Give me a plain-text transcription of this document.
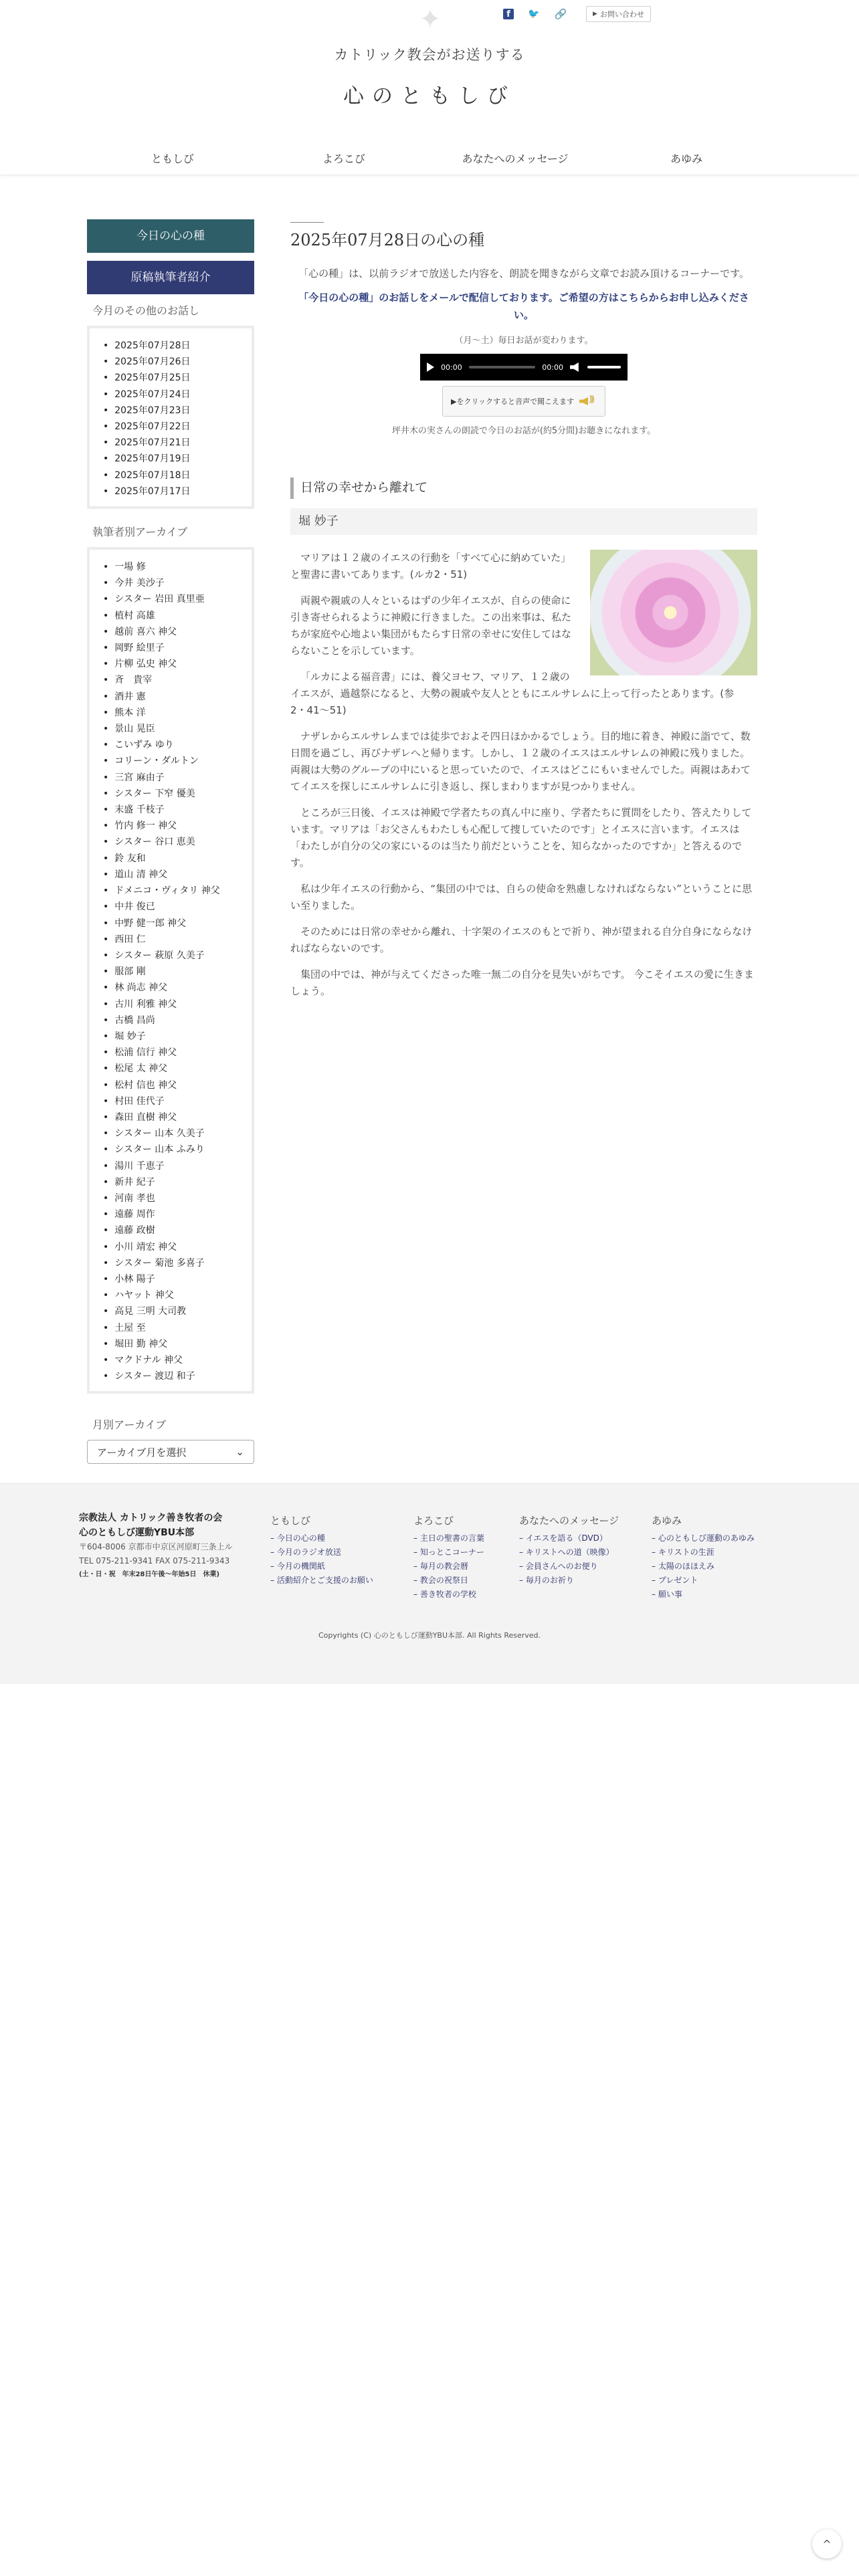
✦	f	🐦 🔗	▶ お問い合わせ
カトリック教会がお送りする
心のともしび
ともしび	よろこび	あなたへのメッセージ	あゆみ
今日の心の種
原稿執筆者紹介
今月のその他のお話し
• 2025年07月28日
• 2025年07月26日
• 2025年07月25日
• 2025年07月24日
• 2025年07月23日
• 2025年07月22日
• 2025年07月21日
• 2025年07月19日
• 2025年07月18日
• 2025年07月17日
執筆者別アーカイブ
• 一場 修
• 今井 美沙子
• シスター 岩田 真里亜
• 植村 高雄
• 越前 喜六 神父
• 岡野 絵里子
• 片柳 弘史 神父
• 斉　貴宰
• 酒井 憲
• 熊本 洋
• 景山 晃臣
• こいずみ ゆり
• コリーン・ダルトン
• 三宮 麻由子
• シスター 下窄 優美
• 末盛 千枝子
• 竹内 修一 神父
• シスター 谷口 恵美
• 鈴 友和
• 道山 清 神父
• ドメニコ・ヴィタリ 神父
• 中井 俊已
• 中野 健一郎 神父
• 西田 仁
• シスター 萩原 久美子
• 服部 剛
• 林 尚志 神父
• 古川 利雅 神父
• 古橋 昌尚
• 堀 妙子
• 松浦 信行 神父
• 松尾 太 神父
• 松村 信也 神父
• 村田 佳代子
• 森田 直樹 神父
• シスター 山本 久美子
• シスター 山本 ふみり
• 湯川 千恵子
• 新井 紀子
• 河南 孝也
• 遠藤 周作
• 遠藤 政樹
• 小川 靖宏 神父
• シスター 菊池 多喜子
• 小林 陽子
• ハヤット 神父
• 高見 三明 大司教
• 土屋 至
• 堀田 勤 神父
• マクドナル 神父
• シスター 渡辺 和子
月別アーカイブ
アーカイブ月を選択	⌄
2025年07月28日の心の種
「心の種」は、以前ラジオで放送した内容を、朗読を聞きながら文章でお読み頂けるコーナーです。
「今日の心の種」のお話しをメールで配信しております。ご希望の方はこちらからお申し込みください。
（月〜土）毎日お話が変わります。
00:00	00:00
▶をクリックすると音声で聞こえます
)))
坪井木の実さんの朗読で今日のお話が(約5分間)お聴きになれます。
日常の幸せから離れて
堀 妙子

マリアは１２歳のイエスの行動を「すべて心に納めていた」と聖書に書いてあります。(ルカ2・51)

両親や親戚の人々といるはずの少年イエスが、自らの使命に引き寄せられるように神殿に行きました。この出来事は、私たちが家庭や心地よい集団がもたらす日常の幸せに安住してはならないことを示しています。

「ルカによる福音書」には、養父ヨセフ、マリア、１２歳のイエスが、過越祭になると、大勢の親戚や友人とともにエルサレムに上って行ったとあります。(参　2・41〜51)

ナザレからエルサレムまでは徒歩でおよそ四日ほかかるでしょう。目的地に着き、神殿に詣でて、数日間を過ごし、再びナザレへと帰ります。しかし、１２歳のイエスはエルサレムの神殿に残りました。両親は大勢のグループの中にいると思っていたので、イエスはどこにもいませんでした。両親はあわててイエスを探しにエルサレムに引き返し、探しまわりますが見つかりません。

ところが三日後、イエスは神殿で学者たちの真ん中に座り、学者たちに質問をしたり、答えたりしています。マリアは「お父さんもわたしも心配して捜していたのです」とイエスに言います。イエスは「わたしが自分の父の家にいるのは当たり前だということを、知らなかったのですか」と答えるのです。

私は少年イエスの行動から、“集団の中では、自らの使命を熟慮しなければならない”ということに思い至りました。

そのためには日常の幸せから離れ、十字架のイエスのもとで祈り、神が望まれる自分自身にならなければならないのです。

集団の中では、神が与えてくださった唯一無二の自分を見失いがちです。 今こそイエスの愛に生きましょう。

宗教法人 カトリック善き牧者の会
心のともしび運動YBU本部
〒604-8006 京都市中京区河原町三条上ル
TEL 075-211-9341 FAX 075-211-9343
(土・日・祝　年末28日午後〜年始5日　休業)
ともしび
– 今日の心の種
– 今月のラジオ放送
– 今月の機関紙
– 活動紹介とご支援のお願い
よろこび
– 主日の聖書の言葉
– 知っとこコーナー
– 毎月の教会暦
– 教会の祝祭日
– 善き牧者の学校
あなたへのメッセージ
– イエスを語る（DVD）
– キリストへの道（映像）
– 会員さんへのお便り
– 毎月のお祈り
あゆみ
– 心のともしび運動のあゆみ
– キリストの生涯
– 太陽のほほえみ
– プレゼント
– 願い事
Copyrights (C) 心のともしび運動YBU本部. All Rights Reserved.
^
